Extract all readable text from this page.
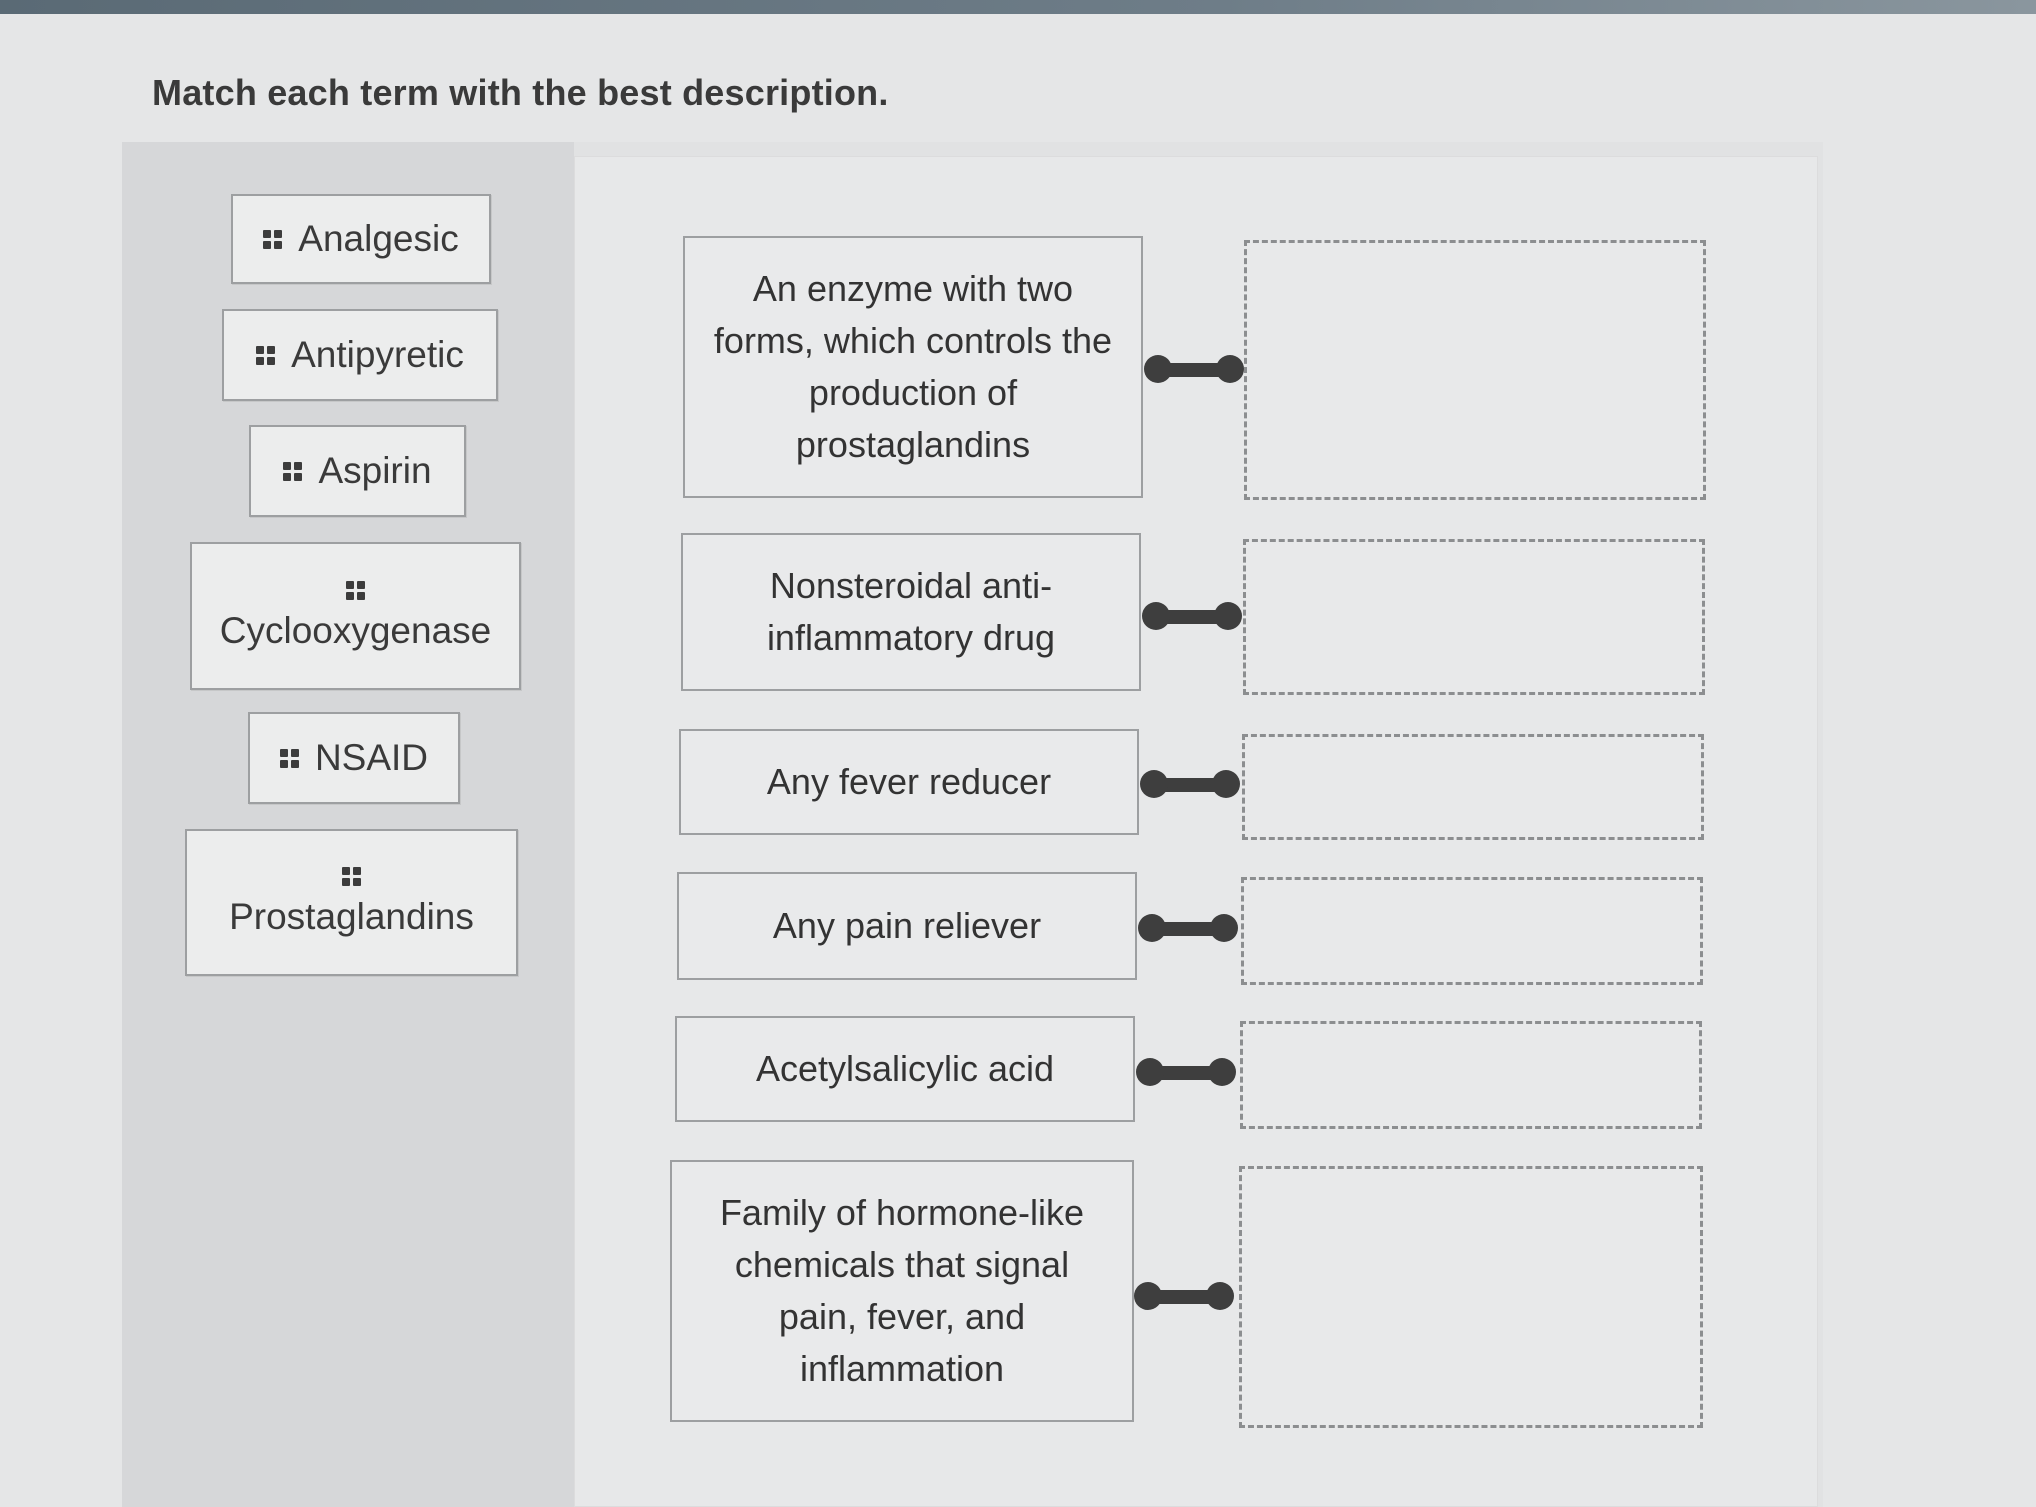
Match each term with the best description.
Analgesic
Antipyretic
Aspirin
Cyclooxygenase
NSAID
Prostaglandins
An enzyme with two forms, which controls the production of prostaglandins
Nonsteroidal anti-inflammatory drug
Any fever reducer
Any pain reliever
Acetylsalicylic acid
Family of hormone-like chemicals that signal pain, fever, and inflammation
